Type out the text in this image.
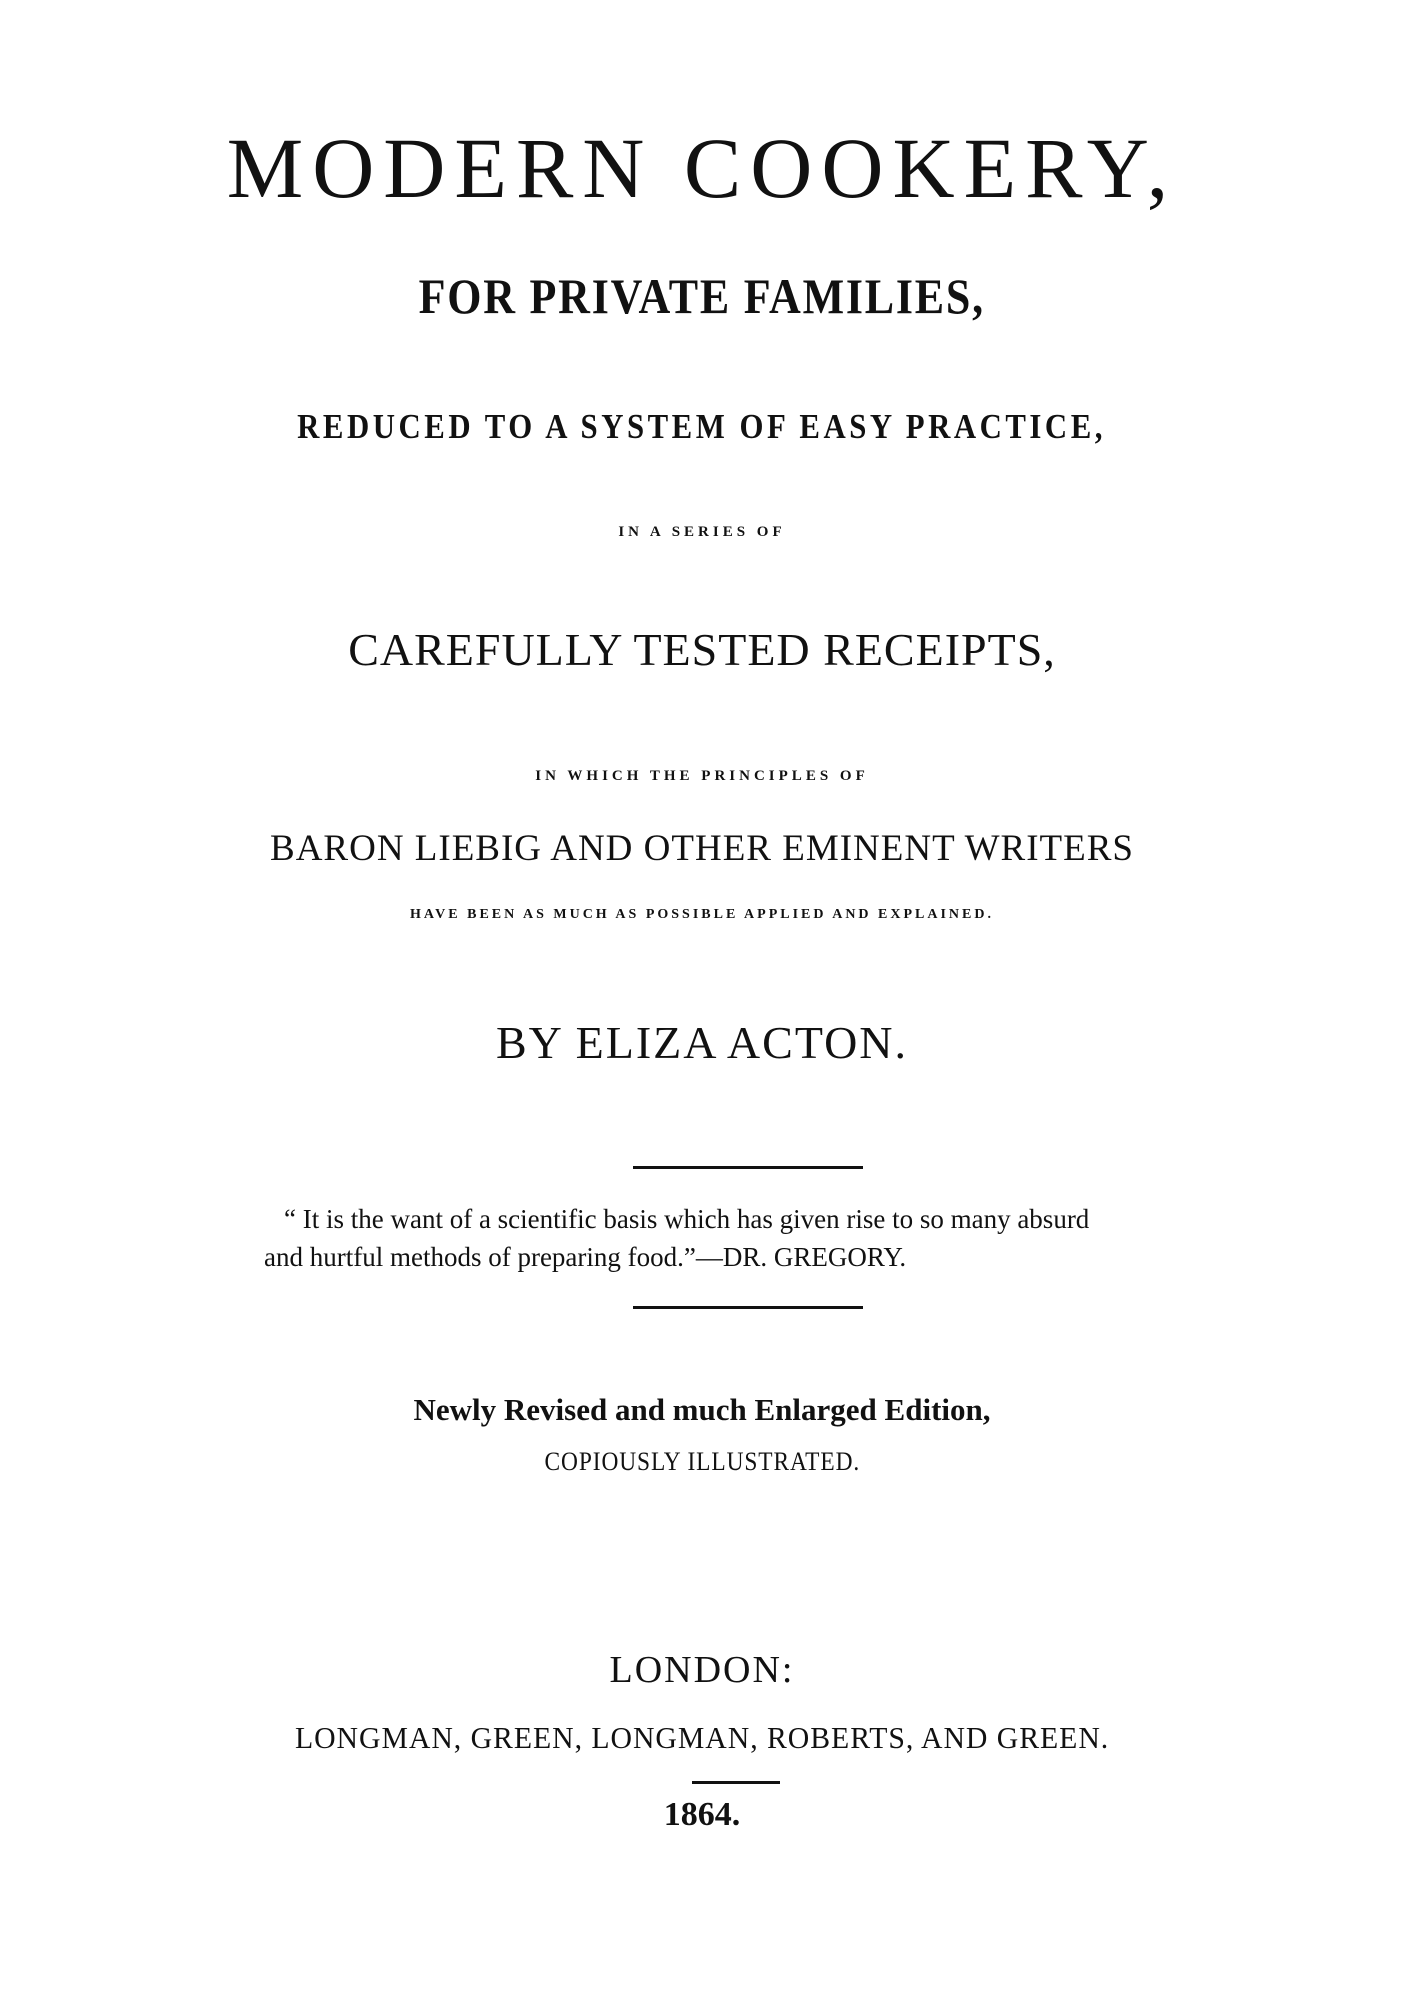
MODERN COOKERY,
FOR PRIVATE FAMILIES,
REDUCED TO A SYSTEM OF EASY PRACTICE,
IN A SERIES OF
CAREFULLY TESTED RECEIPTS,
IN WHICH THE PRINCIPLES OF
BARON LIEBIG AND OTHER EMINENT WRITERS
HAVE BEEN AS MUCH AS POSSIBLE APPLIED AND EXPLAINED.
BY ELIZA ACTON.
“ It is the want of a scientific basis which has given rise to so many absurd
and hurtful methods of preparing food.”—DR. GREGORY.
Newly Revised and much Enlarged Edition,
COPIOUSLY ILLUSTRATED.
LONDON:
LONGMAN, GREEN, LONGMAN, ROBERTS, AND GREEN.
1864.
